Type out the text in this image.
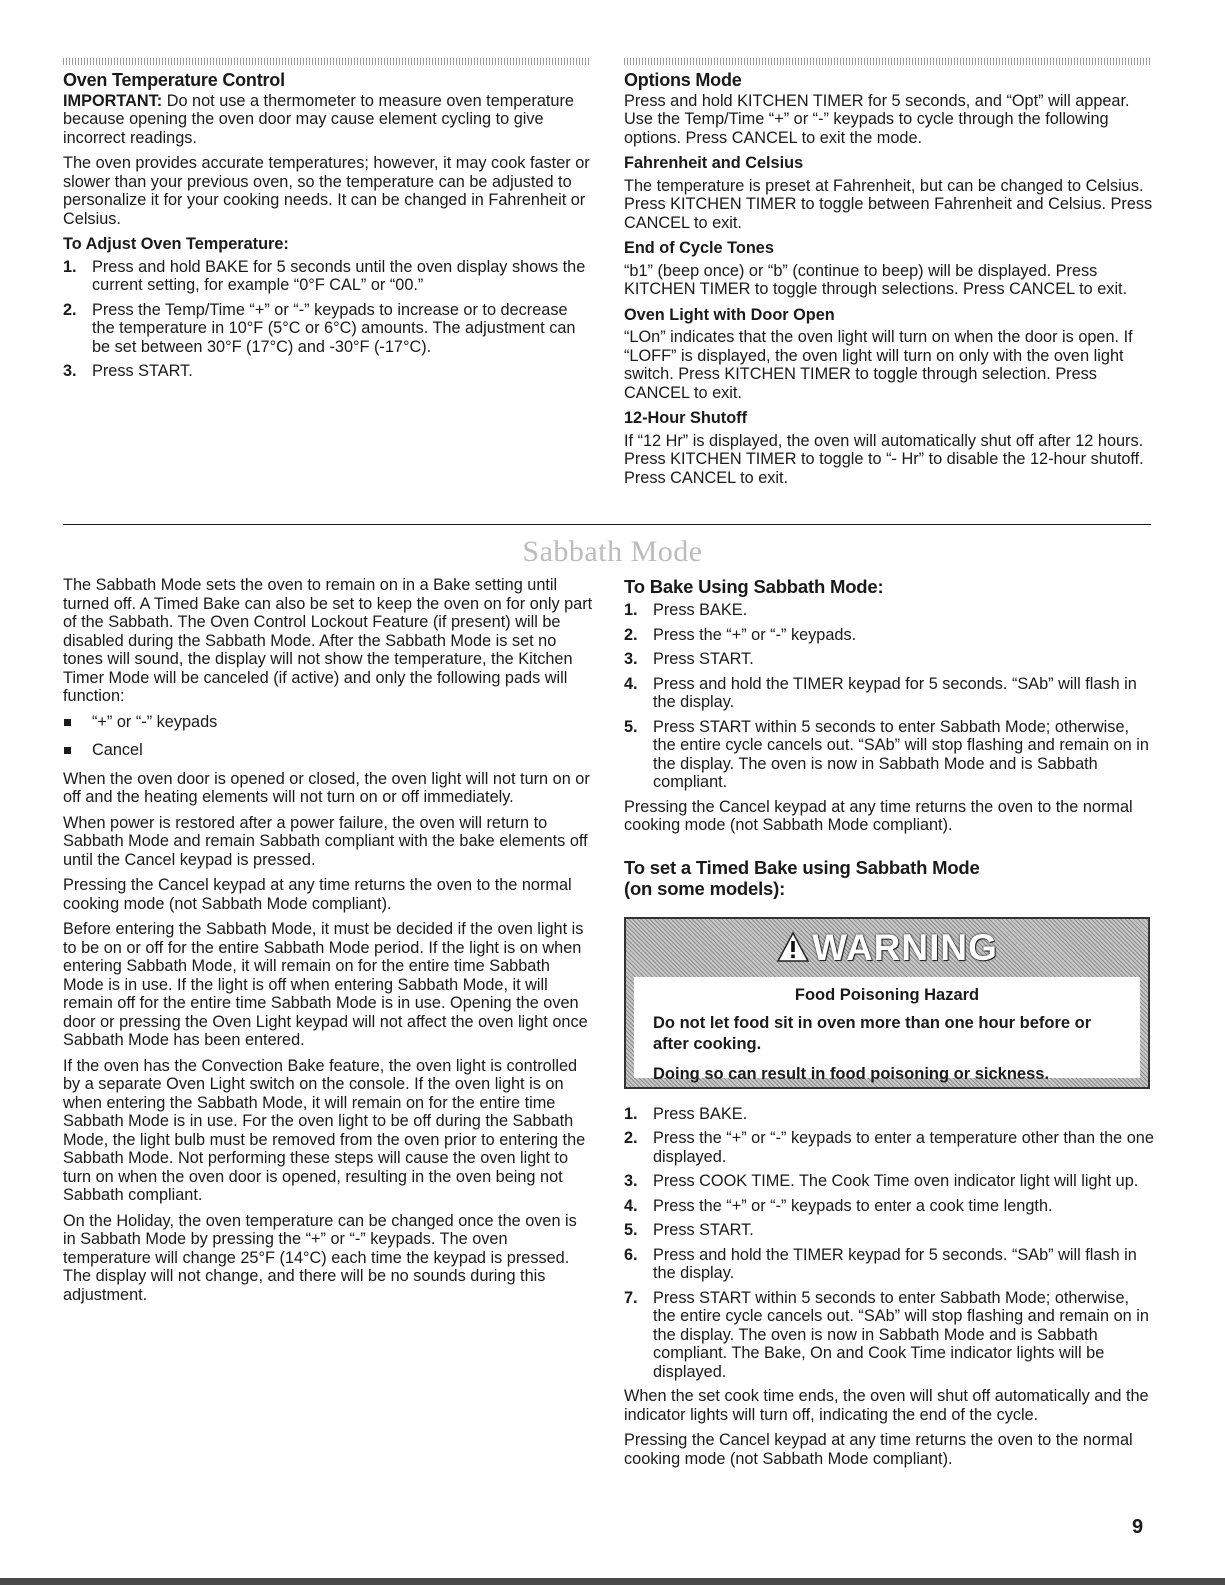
Oven Temperature Control

IMPORTANT: Do not use a thermometer to measure oven temperature because opening the oven door may cause element cycling to give incorrect readings.

The oven provides accurate temperatures; however, it may cook faster or slower than your previous oven, so the temperature can be adjusted to personalize it for your cooking needs. It can be changed in Fahrenheit or Celsius.

To Adjust Oven Temperature:
1. Press and hold BAKE for 5 seconds until the oven display shows the current setting, for example “0°F CAL” or “00.”
2. Press the Temp/Time “+” or “-” keypads to increase or to decrease the temperature in 10°F (5°C or 6°C) amounts. The adjustment can be set between 30°F (17°C) and -30°F (-17°C).
3. Press START.
Options Mode

Press and hold KITCHEN TIMER for 5 seconds, and “Opt” will appear. Use the Temp/Time “+” or “-” keypads to cycle through the following options. Press CANCEL to exit the mode.

Fahrenheit and Celsius

The temperature is preset at Fahrenheit, but can be changed to Celsius. Press KITCHEN TIMER to toggle between Fahrenheit and Celsius. Press CANCEL to exit.

End of Cycle Tones

“b1” (beep once) or “b” (continue to beep) will be displayed. Press KITCHEN TIMER to toggle through selections. Press CANCEL to exit.

Oven Light with Door Open

“LOn” indicates that the oven light will turn on when the door is open. If “LOFF” is displayed, the oven light will turn on only with the oven light switch. Press KITCHEN TIMER to toggle through selection. Press CANCEL to exit.

12-Hour Shutoff

If “12 Hr” is displayed, the oven will automatically shut off after 12 hours. Press KITCHEN TIMER to toggle to “- Hr” to disable the 12-hour shutoff. Press CANCEL to exit.

Sabbath Mode

The Sabbath Mode sets the oven to remain on in a Bake setting until turned off. A Timed Bake can also be set to keep the oven on for only part of the Sabbath. The Oven Control Lockout Feature (if present) will be disabled during the Sabbath Mode. After the Sabbath Mode is set no tones will sound, the display will not show the temperature, the Kitchen Timer Mode will be canceled (if active) and only the following pads will function:

“+” or “-” keypads
Cancel

When the oven door is opened or closed, the oven light will not turn on or off and the heating elements will not turn on or off immediately.

When power is restored after a power failure, the oven will return to Sabbath Mode and remain Sabbath compliant with the bake elements off until the Cancel keypad is pressed.

Pressing the Cancel keypad at any time returns the oven to the normal cooking mode (not Sabbath Mode compliant).

Before entering the Sabbath Mode, it must be decided if the oven light is to be on or off for the entire Sabbath Mode period. If the light is on when entering Sabbath Mode, it will remain on for the entire time Sabbath Mode is in use. If the light is off when entering Sabbath Mode, it will remain off for the entire time Sabbath Mode is in use. Opening the oven door or pressing the Oven Light keypad will not affect the oven light once Sabbath Mode has been entered.

If the oven has the Convection Bake feature, the oven light is controlled by a separate Oven Light switch on the console. If the oven light is on when entering the Sabbath Mode, it will remain on for the entire time Sabbath Mode is in use. For the oven light to be off during the Sabbath Mode, the light bulb must be removed from the oven prior to entering the Sabbath Mode. Not performing these steps will cause the oven light to turn on when the oven door is opened, resulting in the oven being not Sabbath compliant.

On the Holiday, the oven temperature can be changed once the oven is in Sabbath Mode by pressing the “+” or “-” keypads. The oven temperature will change 25°F (14°C) each time the keypad is pressed. The display will not change, and there will be no sounds during this adjustment.

To Bake Using Sabbath Mode:
1. Press BAKE.
2. Press the “+” or “-” keypads.
3. Press START.
4. Press and hold the TIMER keypad for 5 seconds. “SAb” will flash in the display.
5. Press START within 5 seconds to enter Sabbath Mode; otherwise, the entire cycle cancels out. “SAb” will stop flashing and remain on in the display. The oven is now in Sabbath Mode and is Sabbath compliant.

Pressing the Cancel keypad at any time returns the oven to the normal cooking mode (not Sabbath Mode compliant).

To set a Timed Bake using Sabbath Mode
(on some models):
WARNING
Food Poisoning Hazard
Do not let food sit in oven more than one hour before or after cooking.
Doing so can result in food poisoning or sickness.
1. Press BAKE.
2. Press the “+” or “-” keypads to enter a temperature other than the one displayed.
3. Press COOK TIME. The Cook Time oven indicator light will light up.
4. Press the “+” or “-” keypads to enter a cook time length.
5. Press START.
6. Press and hold the TIMER keypad for 5 seconds. “SAb” will flash in the display.
7. Press START within 5 seconds to enter Sabbath Mode; otherwise, the entire cycle cancels out. “SAb” will stop flashing and remain on in the display. The oven is now in Sabbath Mode and is Sabbath compliant. The Bake, On and Cook Time indicator lights will be displayed.

When the set cook time ends, the oven will shut off automatically and the indicator lights will turn off, indicating the end of the cycle.

Pressing the Cancel keypad at any time returns the oven to the normal cooking mode (not Sabbath Mode compliant).

9
